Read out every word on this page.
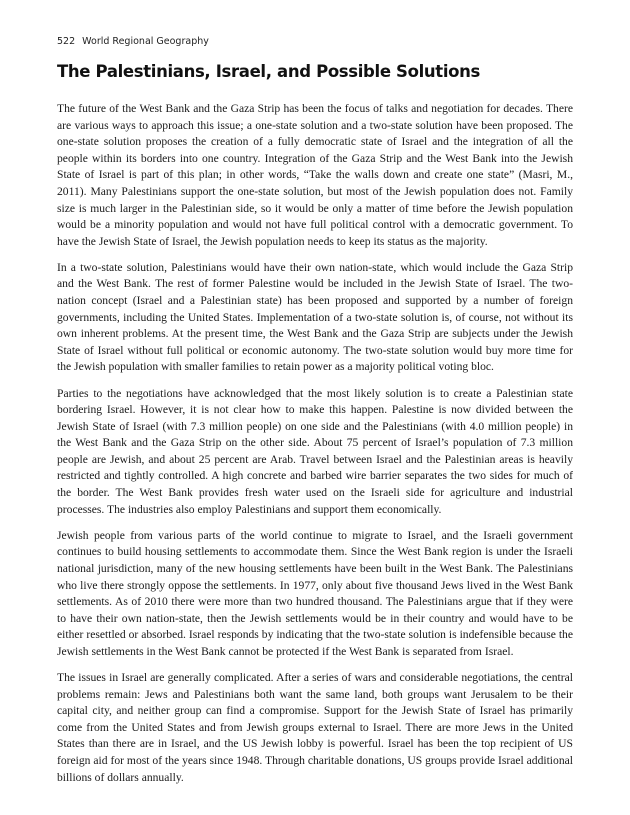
522 World Regional Geography
The Palestinians, Israel, and Possible Solutions

The future of the West Bank and the Gaza Strip has been the focus of talks and negotiation for decades. There are various ways to approach this issue; a one-state solution and a two-state solution have been proposed. The one-state solution proposes the creation of a fully democratic state of Israel and the integration of all the people within its borders into one country. Integration of the Gaza Strip and the West Bank into the Jewish State of Israel is part of this plan; in other words, “Take the walls down and create one state” (Masri, M., 2011). Many Palestinians support the one-state solution, but most of the Jewish population does not. Family size is much larger in the Palestinian side, so it would be only a matter of time before the Jewish population would be a minority population and would not have full political control with a democratic government. To have the Jewish State of Israel, the Jewish population needs to keep its status as the majority.

In a two-state solution, Palestinians would have their own nation-state, which would include the Gaza Strip and the West Bank. The rest of former Palestine would be included in the Jewish State of Israel. The two-nation concept (Israel and a Palestinian state) has been proposed and supported by a number of foreign governments, including the United States. Implementation of a two-state solution is, of course, not without its own inherent problems. At the present time, the West Bank and the Gaza Strip are subjects under the Jewish State of Israel without full political or economic autonomy. The two-state solution would buy more time for the Jewish population with smaller families to retain power as a majority political voting bloc.

Parties to the negotiations have acknowledged that the most likely solution is to create a Palestinian state bordering Israel. However, it is not clear how to make this happen. Palestine is now divided between the Jewish State of Israel (with 7.3 million people) on one side and the Palestinians (with 4.0 million people) in the West Bank and the Gaza Strip on the other side. About 75 percent of Israel’s population of 7.3 million people are Jewish, and about 25 percent are Arab. Travel between Israel and the Palestinian areas is heavily restricted and tightly controlled. A high concrete and barbed wire barrier separates the two sides for much of the border. The West Bank provides fresh water used on the Israeli side for agriculture and industrial processes. The industries also employ Palestinians and support them economically.

Jewish people from various parts of the world continue to migrate to Israel, and the Israeli government continues to build housing settlements to accommodate them. Since the West Bank region is under the Israeli national jurisdiction, many of the new housing settlements have been built in the West Bank. The Palestinians who live there strongly oppose the settlements. In 1977, only about five thousand Jews lived in the West Bank settlements. As of 2010 there were more than two hundred thousand. The Palestinians argue that if they were to have their own nation-state, then the Jewish settlements would be in their country and would have to be either resettled or absorbed. Israel responds by indicating that the two-state solution is indefensible because the Jewish settlements in the West Bank cannot be protected if the West Bank is separated from Israel.

The issues in Israel are generally complicated. After a series of wars and considerable negotiations, the central problems remain: Jews and Palestinians both want the same land, both groups want Jerusalem to be their capital city, and neither group can find a compromise. Support for the Jewish State of Israel has primarily come from the United States and from Jewish groups external to Israel. There are more Jews in the United States than there are in Israel, and the US Jewish lobby is powerful. Israel has been the top recipient of US foreign aid for most of the years since 1948. Through charitable donations, US groups provide Israel additional billions of dollars annually.
